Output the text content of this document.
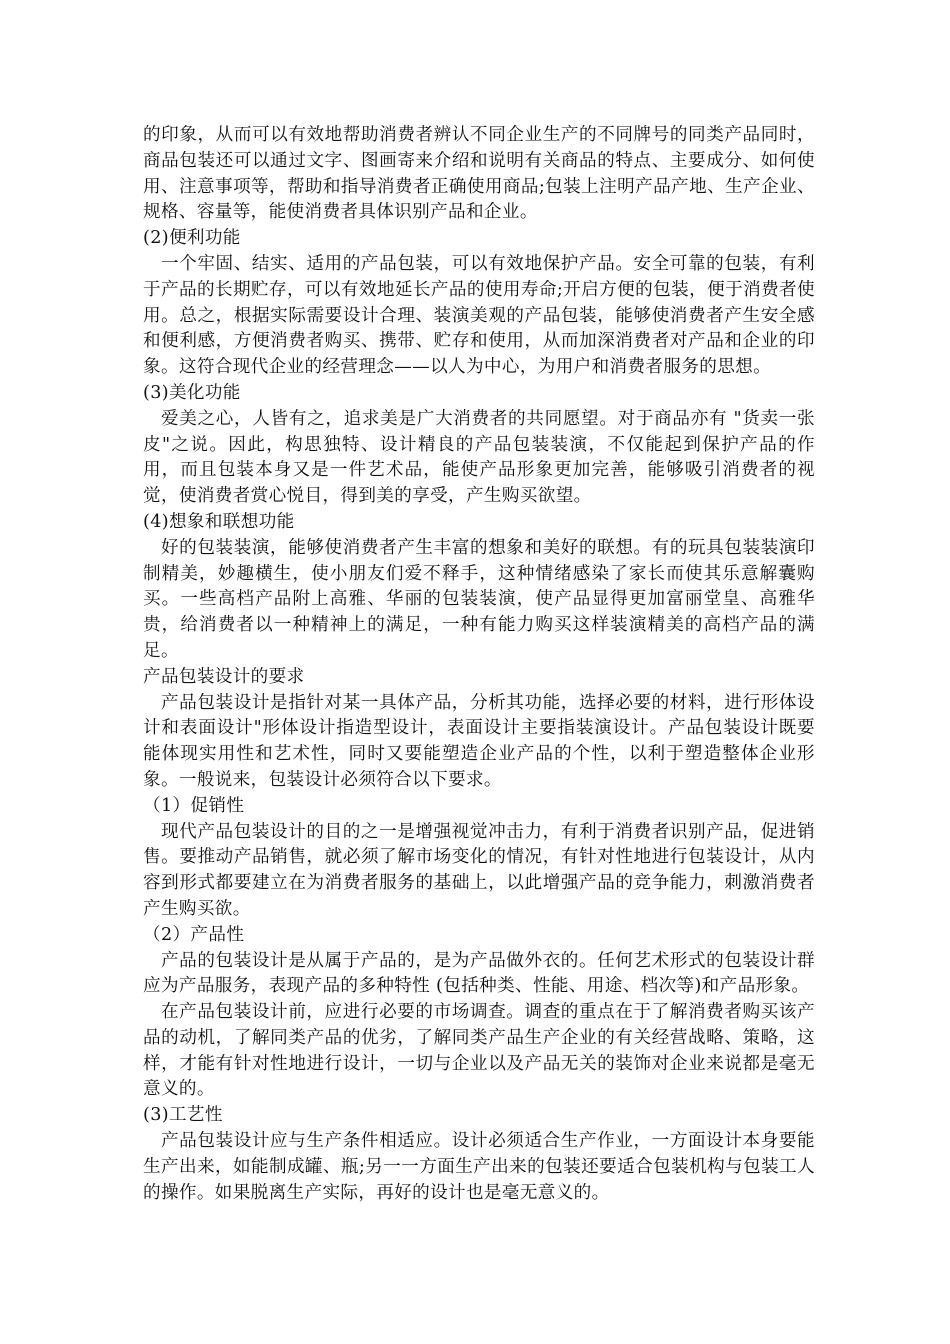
的印象，从而可以有效地帮助消费者辨认不同企业生产的不同牌号的同类产品同时，商品包装还可以通过文字、图画寄来介绍和说明有关商品的特点、主要成分、如何使用、注意事项等，帮助和指导消费者正确使用商品;包装上注明产品产地、生产企业、规格、容量等，能使消费者具体识别产品和企业。

(2)便利功能

一个牢固、结实、适用的产品包装，可以有效地保护产品。安全可靠的包装，有利于产品的长期贮存，可以有效地延长产品的使用寿命;开启方便的包装，便于消费者使用。总之，根据实际需要设计合理、装演美观的产品包装，能够使消费者产生安全感和便利感，方便消费者购买、携带、贮存和使用，从而加深消费者对产品和企业的印象。这符合现代企业的经营理念——以人为中心，为用户和消费者服务的思想。

(3)美化功能

爱美之心，人皆有之，追求美是广大消费者的共同愿望。对于商品亦有 "货卖一张皮"之说。因此，构思独特、设计精良的产品包装装演，不仅能起到保护产品的作用，而且包装本身又是一件艺术品，能使产品形象更加完善，能够吸引消费者的视觉，使消费者赏心悦目，得到美的享受，产生购买欲望。

(4)想象和联想功能

好的包装装演，能够使消费者产生丰富的想象和美好的联想。有的玩具包装装演印制精美，妙趣横生，使小朋友们爱不释手，这种情绪感染了家长而使其乐意解囊购买。一些高档产品附上高雅、华丽的包装装演，使产品显得更加富丽堂皇、高雅华贵，给消费者以一种精神上的满足，一种有能力购买这样装演精美的高档产品的满足。

产品包装设计的要求

产品包装设计是指针对某一具体产品，分析其功能，选择必要的材料，进行形体设计和表面设计"形体设计指造型设计，表面设计主要指装演设计。产品包装设计既要能体现实用性和艺术性，同时又要能塑造企业产品的个性，以利于塑造整体企业形象。一般说来，包装设计必须符合以下要求。

（1）促销性

现代产品包装设计的目的之一是增强视觉冲击力，有利于消费者识别产品，促进销售。要推动产品销售，就必须了解市场变化的情况，有针对性地进行包装设计，从内容到形式都要建立在为消费者服务的基础上，以此增强产品的竞争能力，刺激消费者产生购买欲。

（2）产品性

产品的包装设计是从属于产品的，是为产品做外衣的。任何艺术形式的包装设计群应为产品服务，表现产品的多种特性 (包括种类、性能、用途、档次等)和产品形象。

在产品包装设计前，应进行必要的市场调查。调查的重点在于了解消费者购买该产品的动机，了解同类产品的优劣，了解同类产品生产企业的有关经营战略、策略，这样，才能有针对性地进行设计，一切与企业以及产品无关的装饰对企业来说都是毫无意义的。

(3)工艺性

产品包装设计应与生产条件相适应。设计必须适合生产作业，一方面设计本身要能生产出来，如能制成罐、瓶;另一一方面生产出来的包装还要适合包装机构与包装工人的操作。如果脱离生产实际，再好的设计也是毫无意义的。
